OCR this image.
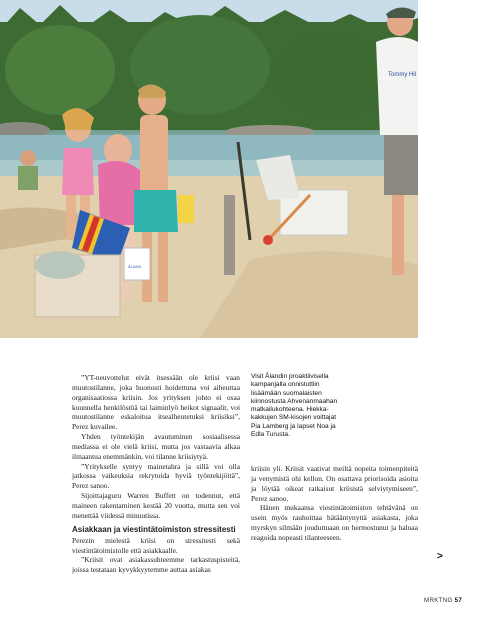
Tommy Hil
ÅLAND

”YT-neuvottelut eivät itsessään ole kriisi vaan muutostilanne, joka huonosti hoidettuna voi aiheuttaa organisaatiossa kriisin. Jos yrityksen johto ei osaa kuunnella henkilöstöä tai laiminlyö heikot signaalit, voi muutostilanne eskaloitua itsealheutetuksi kriisiksi”, Perez kuvailee.

Yhden työntekijän avautuminen sosiaalisessa mediassa ei ole vielä kriisi, mutta jos vastaavia alkaa ilmaantua enemmänkin, voi tilanne kriisiytyä.

”Yritykselle syntyy mainetahra ja sillä voi olla jatkossa vaikeuksia rekrytoida hyviä työntekijöitä”, Perez sanoo.

Sijoittajaguru Warren Buffett on todennut, että maineen rakentaminen kestää 20 vuotta, mutta sen voi menettää viidessä minuutissa.

Asiakkaan ja viestintätoimiston stressitesti

Perezin mielestä kriisi on stressitesti sekä viestintätoimistolle että asiakkaalle.

”Kriisit ovat asiakassuhteemme tarkastuspisteitä, joissa testataan kyvykkyytemme auttaa asiakas

Visit Ålandin proaktiivisella kampanjalla onnistuttiin lisäämään suomalaisten kiinnostusta Ahvenanmaahan matkailukohteena. Hiekka-kakkujen SM-kisojen voittajat Pia Lamberg ja lapset Noa ja Edla Turusta.

kriisin yli. Kriisit vaativat meiltä nopeita toimenpiteitä ja venymistä ohi kellon. On osattava priorisoida asioita ja löytää oikeat ratkaisut kriisistä selviytymiseen”, Perez sanoo.

Hänen mukaansa viestintätoimiston tehtävänä on usein myös rauhoittaa hätääntynyttä asiakasta, joka myrskyn silmään jouduttuaan on hermostunut ja haluaa reagoida nopeasti tilanteeseen.

>
MRKTNG 57
